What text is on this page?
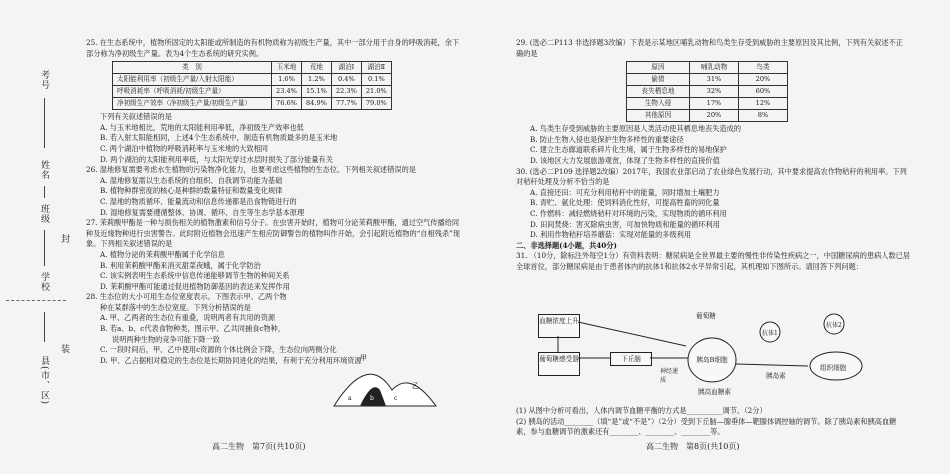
考号
姓名
班级
封
学校
装
县(市、区)

25. 在生态系统中，植物所固定的太阳能或所制造的有机物质称为初级生产量，其中一部分用于自身的呼吸消耗，余下部分称为净初级生产量。表为4个生态系统的研究实例。

类　别	玉米地	荒地	湖泊Ⅰ	湖泊Ⅱ
太阳能利用率（初级生产量/入射太阳能）	1.6%	1.2%	0.4%	0.1%
呼吸消耗率（呼吸消耗/初级生产量）	23.4%	15.1%	22.3%	21.0%
净初级生产效率（净初级生产量/初级生产量）	76.6%	84.9%	77.7%	79.0%

下列有关叙述错误的是

A. 与玉米地相比，荒地的太阳能利用率低，净初级生产效率也低

B. 若入射太阳能相同，上述4个生态系统中，制造有机物质最多的是玉米地

C. 两个湖泊中植物的呼吸消耗率与玉米地的大致相同

D. 两个湖泊的太阳能利用率低，与太阳光穿过水层时损失了部分能量有关

26. 湿地修复需要考虑水生植物的污染物净化能力，也要考虑这些植物的生态位。下列相关叙述错误的是

A. 湿地修复需以生态系统的自组织、自我调节功能为基础

B. 植物种群密度的核心是种群的数量特征和数量变化规律

C. 湿地的物质循环、能量流动和信息传递都是沿食物链进行的

D. 湿地修复需要遵循整体、协调、循环、自生等生态学基本原理

27. 茉莉酸甲酯是一种与损伤相关的植物激素和信号分子。在虫害开始时，植物可分泌茉莉酸甲酯，通过空气传播给同种及近缘物种进行虫害警告。此时附近植物会迅速产生相应防御警告的植物叫作开始，会引起附近植物的“自相残杀”现象。下列相关叙述错误的是

A. 植物分泌的茉莉酸甲酯属于化学信息

B. 利用茉莉酸甲酯来消灭甜菜夜蛾，属于化学防治

C. 该实例表明生态系统中信息传递能够调节生物的种间关系

D. 茉莉酸甲酯可能通过促进植物防御基因的表达来发挥作用

28. 生态位的大小可用生态位宽度表示。下图表示甲、乙两个物

种在某群落中的生态位宽度。下列分析错误的是

A. 甲、乙两者的生态位有重叠，说明两者有共用的资源

B. 若a、b、c代表食物种类，图示甲、乙共同捕食c物种，

说明两种生物的竞争可能下降一致

C. 一段时间后，甲、乙中使用c资源的个体比例会下降，生态位向两侧分化

D. 甲、乙占据相对稳定的生态位是长期协同进化的结果，有利于充分利用环境资源

甲
a	b	c
乙
高二生物　第7页(共10页)

29. (选必二P113 非选择题3改编）下表是示某地区哺乳动物和鸟类生存受到威胁的主要原因及其比例，下列有关叙述不正确的是

原因	哺乳动物	鸟类
偷猎	31%	20%
丧失栖息地	32%	60%
生物入侵	17%	12%
其他原因	20%	8%

A. 鸟类生存受到威胁的主要原因是人类活动使其栖息地丧失造成的

B. 防止生物入侵也是保护生物多样性的重要途径

C. 建立生态廊道联系碎片化生境，属于生物多样性的易地保护

D. 该地区大力发展旅游观赏，体现了生物多样性的直接价值

30. (选必二P109 选择题2改编）2017年，我国农业部启动了农业绿色发展行动，其中要求提高农作物秸秆的利用率。下列对秸秆处理及分析不恰当的是

A. 直接还田：可充分利用秸秆中的能量，同时增加土壤肥力

B. 青贮、氨化处理：使饲料消化性好，可提高牲畜的同化量

C. 作燃料：减轻燃烧秸秆对环境的污染，实现物质的循环利用

D. 田间焚烧：害灭除病虫害，可加快物质和能量的循环利用

D. 利用作物秸秆培养蘑菇：实现对能量的多级利用

二、非选择题(4小题，共40分)

31. （10分，除标注外每空1分）有资料表明：糖尿病是全世界最主要的慢性非传染性疾病之一，中国糖尿病的患病人数已居全球首位，部分糖尿病是由于患者体内的抗体1和抗体2水平异常引起，其机理如下图所示。请回答下列问题：

血糖浓度上升
葡萄糖感受器	下丘脑	胰岛B细胞
抗体1
抗体2
组织细胞
神经递质
胰岛素
胰高血糖素
葡萄糖

(1) 从图中分析可看出，人体内调节血糖平衡的方式是__________调节。（2分）

(2) 胰岛的活动________（填“是”或“不是”）（2分）受到下丘脑—腺垂体—靶腺体调控轴的调节。除了胰岛素和胰高血糖素，参与血糖调节的激素还有________、________、________等。

高二生物　第8页(共10页)
